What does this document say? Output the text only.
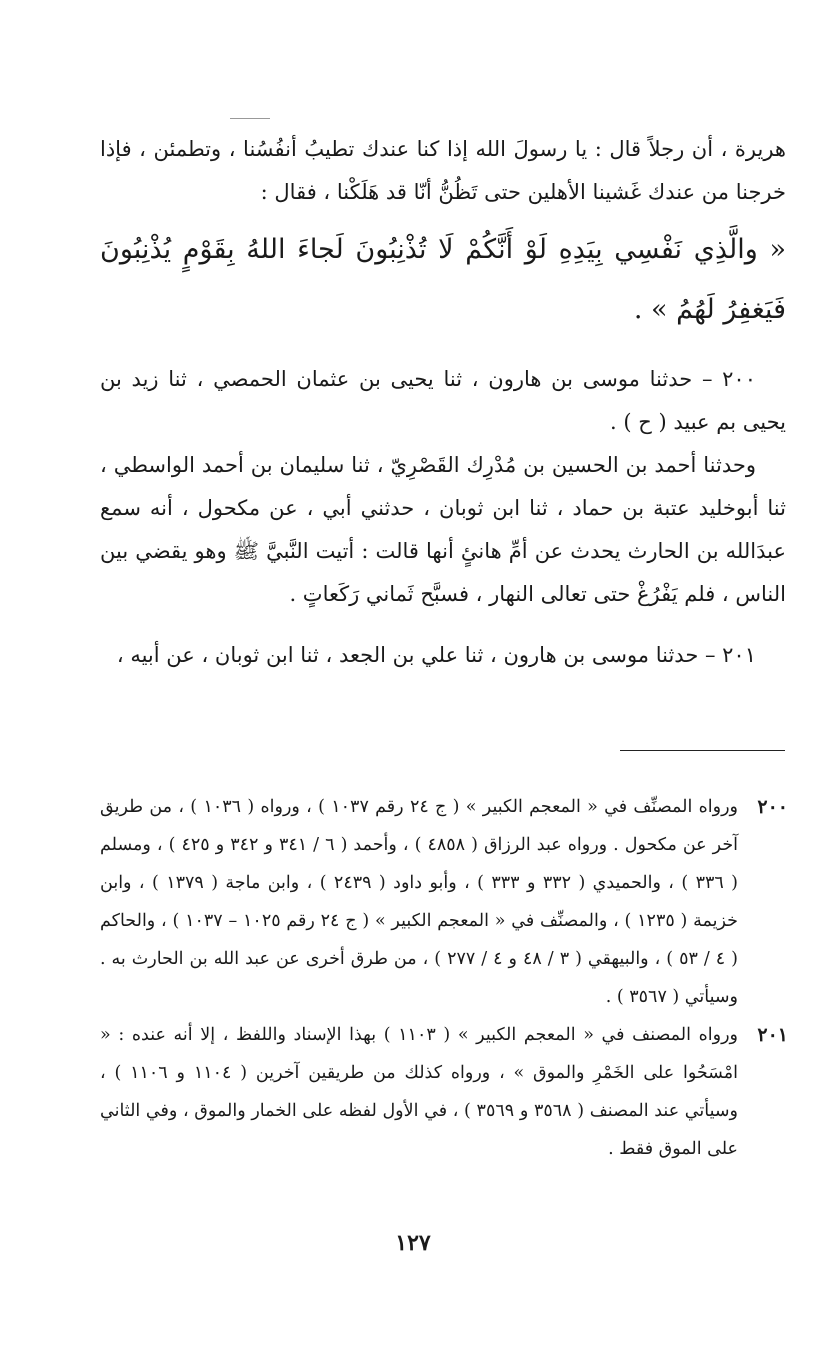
هريرة ، أن رجلاً قال : يا رسولَ الله إذا كنا عندك تطيبُ أنفُسُنا ، وتطمئن ، فإذا خرجنا من عندك غَشينا الأهلين حتى تَظُنُّ أنّا قد هَلَكْنا ، فقال :

« والَّذِي نَفْسِي بِيَدِهِ لَوْ أَنَّكُمْ لَا تُذْنِبُونَ لَجاءَ اللهُ بِقَوْمٍ يُذْنِبُونَ فَيَغفِرُ لَهُمُ » .

٢٠٠ – حدثنا موسى بن هارون ، ثنا يحيى بن عثمان الحمصي ، ثنا زيد بن يحيى بم عبيد ( ح ) .

وحدثنا أحمد بن الحسين بن مُدْرِك القَصْرِيّ ، ثنا سليمان بن أحمد الواسطي ، ثنا أبوخليد عتبة بن حماد ، ثنا ابن ثوبان ، حدثني أبي ، عن مكحول ، أنه سمع عبدَالله بن الحارث يحدث عن أمِّ هانئٍ أنها قالت : أتيت النَّبيَّ ﷺ وهو يقضي بين الناس ، فلم يَفْرُغْ حتى تعالى النهار ، فسبَّح ثَماني رَكَعاتٍ .

٢٠١ – حدثنا موسى بن هارون ، ثنا علي بن الجعد ، ثنا ابن ثوبان ، عن أبيه ،

٢٠٠
ورواه المصنِّف في « المعجم الكبير » ( ج ٢٤ رقم ١٠٣٧ ) ، ورواه ( ١٠٣٦ ) ، من طريق آخر عن مكحول . ورواه عبد الرزاق ( ٤٨٥٨ ) ، وأحمد ( ٦ / ٣٤١ و ٣٤٢ و ٤٢٥ ) ، ومسلم ( ٣٣٦ ) ، والحميدي ( ٣٣٢ و ٣٣٣ ) ، وأبو داود ( ٢٤٣٩ ) ، وابن ماجة ( ١٣٧٩ ) ، وابن خزيمة ( ١٢٣٥ ) ، والمصنِّف في « المعجم الكبير » ( ج ٢٤ رقم ١٠٢٥ – ١٠٣٧ ) ، والحاكم ( ٤ / ٥٣ ) ، والبيهقي ( ٣ / ٤٨ و ٤ / ٢٧٧ ) ، من طرق أخرى عن عبد الله بن الحارث به . وسيأتي ( ٣٥٦٧ ) .
٢٠١
ورواه المصنف في « المعجم الكبير » ( ١١٠٣ ) بهذا الإسناد واللفظ ، إلا أنه عنده : « امْسَحُوا على الخَمْرِ والموق » ، ورواه كذلك من طريقين آخرين ( ١١٠٤ و ١١٠٦ ) ، وسيأتي عند المصنف ( ٣٥٦٨ و ٣٥٦٩ ) ، في الأول لفظه على الخمار والموق ، وفي الثاني على الموق فقط .
١٢٧
